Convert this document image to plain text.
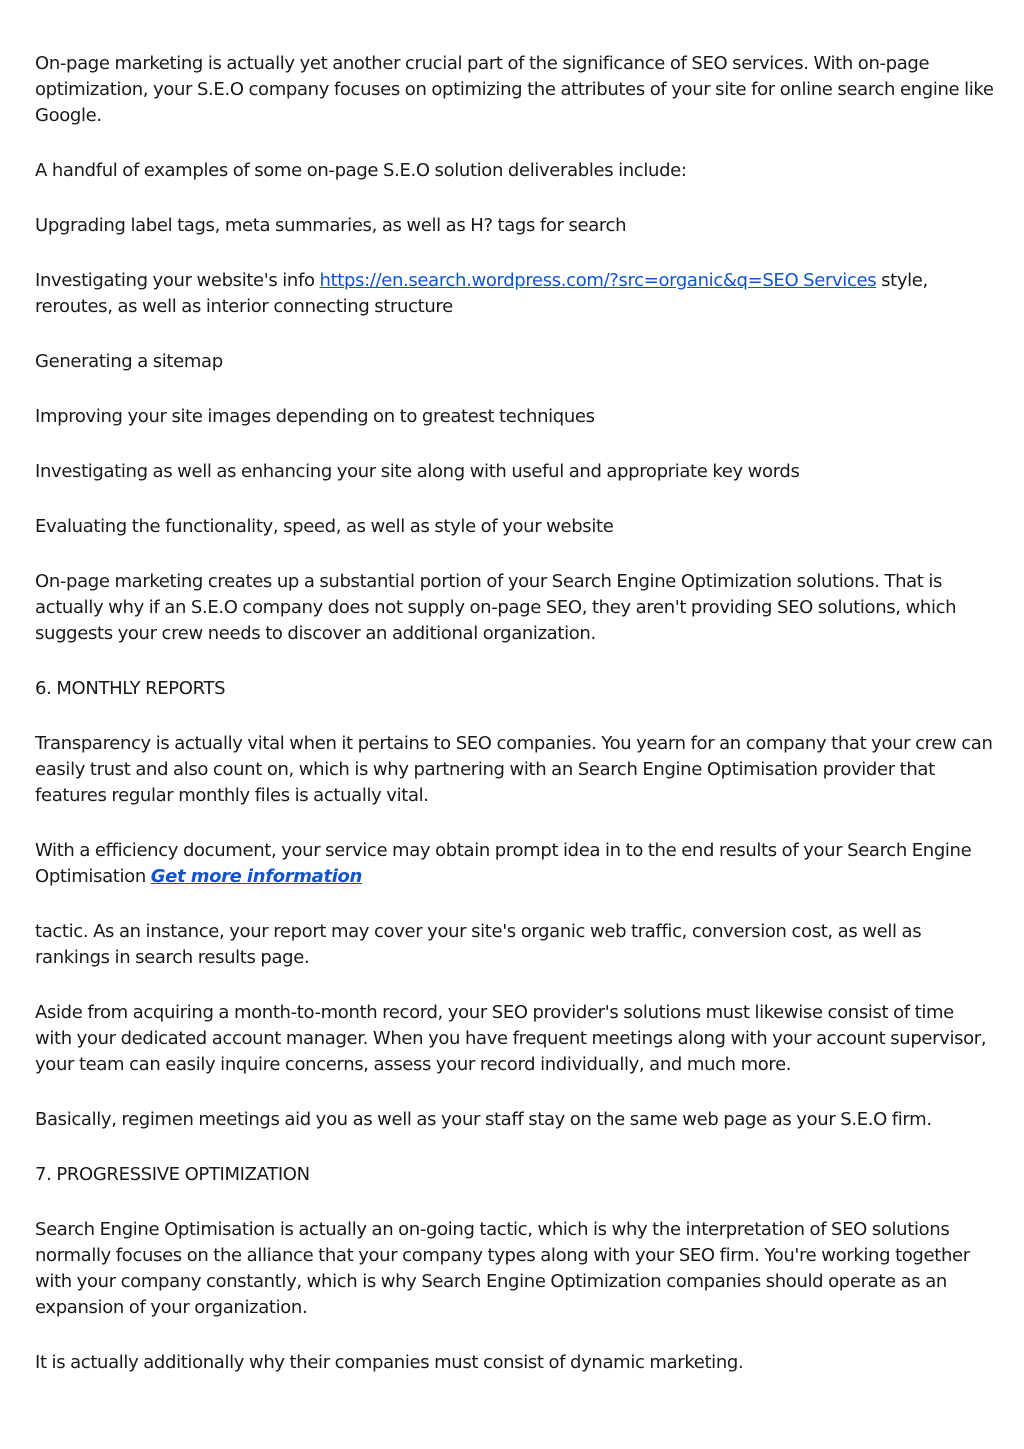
On-page marketing is actually yet another crucial part of the significance of SEO services. With on-page optimization, your S.E.O company focuses on optimizing the attributes of your site for online search engine like Google.

A handful of examples of some on-page S.E.O solution deliverables include:

Upgrading label tags, meta summaries, as well as H? tags for search

Investigating your website's info https://en.search.wordpress.com/?src=organic&q=SEO Services style, reroutes, as well as interior connecting structure

Generating a sitemap

Improving your site images depending on to greatest techniques

Investigating as well as enhancing your site along with useful and appropriate key words

Evaluating the functionality, speed, as well as style of your website

On-page marketing creates up a substantial portion of your Search Engine Optimization solutions. That is actually why if an S.E.O company does not supply on-page SEO, they aren't providing SEO solutions, which suggests your crew needs to discover an additional organization.

6. MONTHLY REPORTS

Transparency is actually vital when it pertains to SEO companies. You yearn for an company that your crew can easily trust and also count on, which is why partnering with an Search Engine Optimisation provider that features regular monthly files is actually vital.

With a efficiency document, your service may obtain prompt idea in to the end results of your Search Engine Optimisation Get more information

tactic. As an instance, your report may cover your site's organic web traffic, conversion cost, as well as rankings in search results page.

Aside from acquiring a month-to-month record, your SEO provider's solutions must likewise consist of time with your dedicated account manager. When you have frequent meetings along with your account supervisor, your team can easily inquire concerns, assess your record individually, and much more.

Basically, regimen meetings aid you as well as your staff stay on the same web page as your S.E.O firm.

7. PROGRESSIVE OPTIMIZATION

Search Engine Optimisation is actually an on-going tactic, which is why the interpretation of SEO solutions normally focuses on the alliance that your company types along with your SEO firm. You're working together with your company constantly, which is why Search Engine Optimization companies should operate as an expansion of your organization.

It is actually additionally why their companies must consist of dynamic marketing.
